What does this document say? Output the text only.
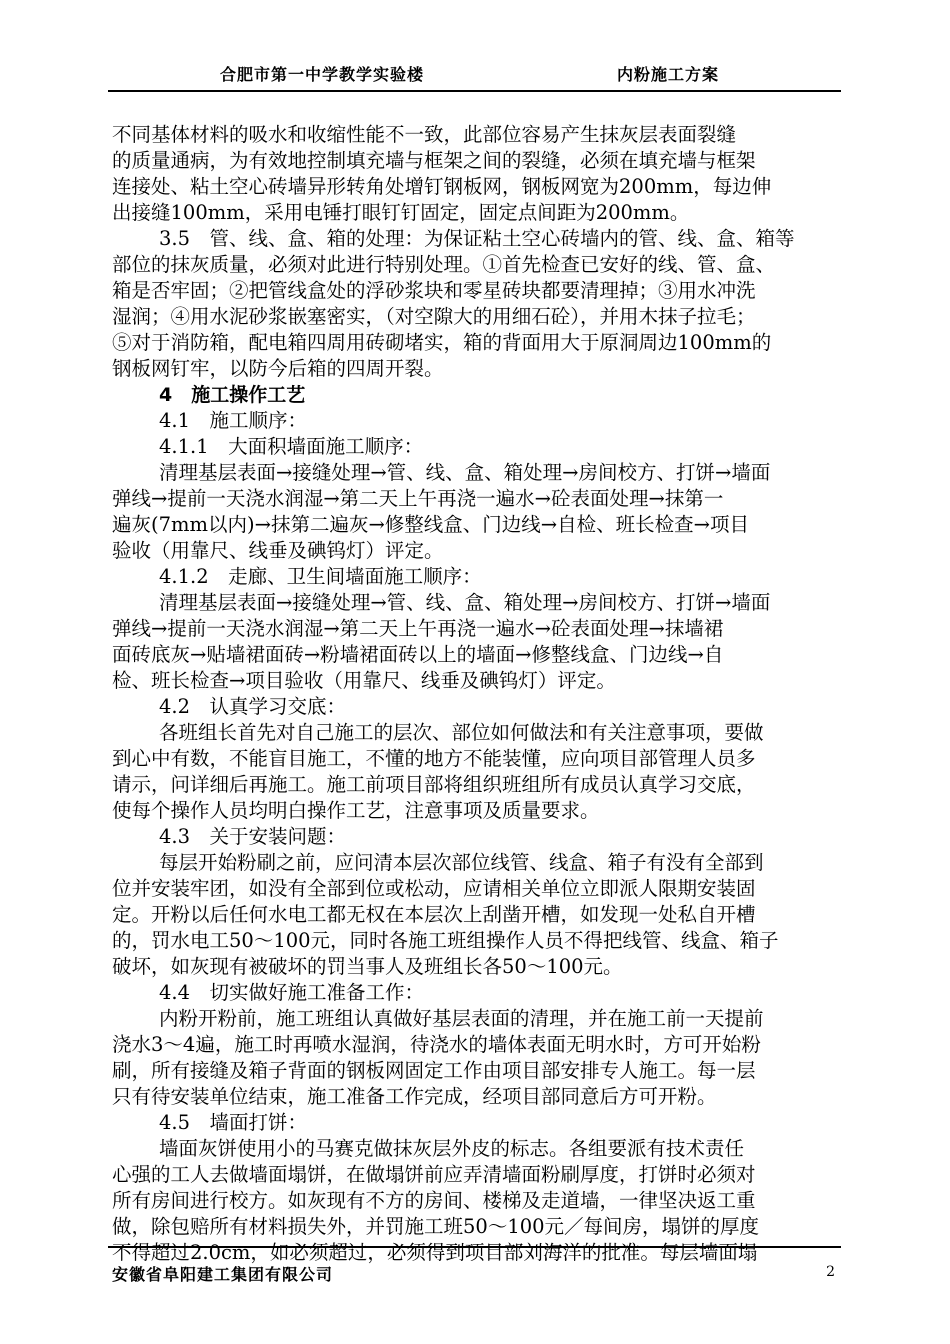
合肥市第一中学教学实验楼	内粉施工方案
不同基体材料的吸水和收缩性能不一致，此部位容易产生抹灰层表面裂缝
的质量通病，为有效地控制填充墙与框架之间的裂缝，必须在填充墙与框架
连接处、粘土空心砖墙异形转角处增钉钢板网，钢板网宽为200mm，每边伸
出接缝100mm，采用电锤打眼钉钉固定，固定点间距为200mm。
3.5　管、线、盒、箱的处理：为保证粘土空心砖墙内的管、线、盒、箱等
部位的抹灰质量，必须对此进行特别处理。①首先检查已安好的线、管、盒、
箱是否牢固；②把管线盒处的浮砂浆块和零星砖块都要清理掉；③用水冲洗
湿润；④用水泥砂浆嵌塞密实，（对空隙大的用细石砼），并用木抹子拉毛；
⑤对于消防箱，配电箱四周用砖砌堵实，箱的背面用大于原洞周边100mm的
钢板网钉牢，以防今后箱的四周开裂。
4　施工操作工艺
4.1　施工顺序：
4.1.1　大面积墙面施工顺序：
清理基层表面→接缝处理→管、线、盒、箱处理→房间校方、打饼→墙面
弹线→提前一天浇水润湿→第二天上午再浇一遍水→砼表面处理→抹第一
遍灰(7mm以内)→抹第二遍灰→修整线盒、门边线→自检、班长检查→项目
验收（用靠尺、线垂及碘钨灯）评定。
4.1.2　走廊、卫生间墙面施工顺序：
清理基层表面→接缝处理→管、线、盒、箱处理→房间校方、打饼→墙面
弹线→提前一天浇水润湿→第二天上午再浇一遍水→砼表面处理→抹墙裙
面砖底灰→贴墙裙面砖→粉墙裙面砖以上的墙面→修整线盒、门边线→自
检、班长检查→项目验收（用靠尺、线垂及碘钨灯）评定。
4.2　认真学习交底：
各班组长首先对自己施工的层次、部位如何做法和有关注意事项，要做
到心中有数，不能盲目施工，不懂的地方不能装懂，应向项目部管理人员多
请示，问详细后再施工。施工前项目部将组织班组所有成员认真学习交底，
使每个操作人员均明白操作工艺，注意事项及质量要求。
4.3　关于安装问题：
每层开始粉刷之前，应问清本层次部位线管、线盒、箱子有没有全部到
位并安装牢团，如没有全部到位或松动，应请相关单位立即派人限期安装固
定。开粉以后任何水电工都无权在本层次上刮凿开槽，如发现一处私自开槽
的，罚水电工50～100元，同时各施工班组操作人员不得把线管、线盒、箱子
破坏，如灰现有被破坏的罚当事人及班组长各50～100元。
4.4　切实做好施工准备工作：
内粉开粉前，施工班组认真做好基层表面的清理，并在施工前一天提前
浇水3～4遍，施工时再喷水湿润，待浇水的墙体表面无明水时，方可开始粉
刷，所有接缝及箱子背面的钢板网固定工作由项目部安排专人施工。每一层
只有待安装单位结束，施工准备工作完成，经项目部同意后方可开粉。
4.5　墙面打饼：
墙面灰饼使用小的马赛克做抹灰层外皮的标志。各组要派有技术责任
心强的工人去做墙面塌饼，在做塌饼前应弄清墙面粉刷厚度，打饼时必须对
所有房间进行校方。如灰现有不方的房间、楼梯及走道墙，一律坚决返工重
做，除包赔所有材料损失外，并罚施工班50～100元／每间房，塌饼的厚度
不得超过2.0cm，如必须超过，必须得到项目部刘海洋的批准。每层墙面塌
安徽省阜阳建工集团有限公司	2
